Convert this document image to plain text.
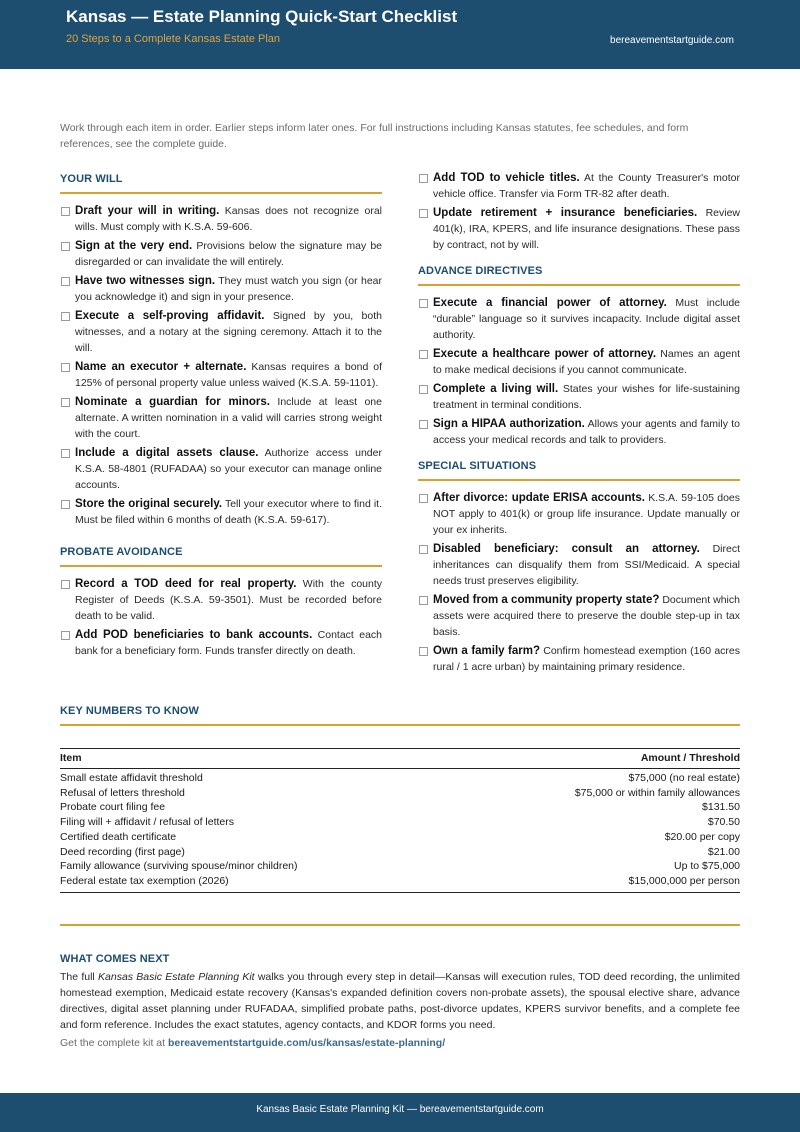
Kansas — Estate Planning Quick-Start Checklist
20 Steps to a Complete Kansas Estate Plan	bereavementstartguide.com
Work through each item in order. Earlier steps inform later ones. For full instructions including Kansas statutes, fee schedules, and form references, see the complete guide.
YOUR WILL
Draft your will in writing. Kansas does not recognize oral wills. Must comply with K.S.A. 59-606.
Sign at the very end. Provisions below the signature may be disregarded or can invalidate the will entirely.
Have two witnesses sign. They must watch you sign (or hear you acknowledge it) and sign in your presence.
Execute a self-proving affidavit. Signed by you, both witnesses, and a notary at the signing ceremony. Attach it to the will.
Name an executor + alternate. Kansas requires a bond of 125% of personal property value unless waived (K.S.A. 59-1101).
Nominate a guardian for minors. Include at least one alternate. A written nomination in a valid will carries strong weight with the court.
Include a digital assets clause. Authorize access under K.S.A. 58-4801 (RUFADAA) so your executor can manage online accounts.
Store the original securely. Tell your executor where to find it. Must be filed within 6 months of death (K.S.A. 59-617).
PROBATE AVOIDANCE
Record a TOD deed for real property. With the county Register of Deeds (K.S.A. 59-3501). Must be recorded before death to be valid.
Add POD beneficiaries to bank accounts. Contact each bank for a beneficiary form. Funds transfer directly on death.
Add TOD to vehicle titles. At the County Treasurer's motor vehicle office. Transfer via Form TR-82 after death.
Update retirement + insurance beneficiaries. Review 401(k), IRA, KPERS, and life insurance designations. These pass by contract, not by will.
ADVANCE DIRECTIVES
Execute a financial power of attorney. Must include “durable” language so it survives incapacity. Include digital asset authority.
Execute a healthcare power of attorney. Names an agent to make medical decisions if you cannot communicate.
Complete a living will. States your wishes for life-sustaining treatment in terminal conditions.
Sign a HIPAA authorization. Allows your agents and family to access your medical records and talk to providers.
SPECIAL SITUATIONS
After divorce: update ERISA accounts. K.S.A. 59-105 does NOT apply to 401(k) or group life insurance. Update manually or your ex inherits.
Disabled beneficiary: consult an attorney. Direct inheritances can disqualify them from SSI/Medicaid. A special needs trust preserves eligibility.
Moved from a community property state? Document which assets were acquired there to preserve the double step-up in tax basis.
Own a family farm? Confirm homestead exemption (160 acres rural / 1 acre urban) by maintaining primary residence.
KEY NUMBERS TO KNOW
Item	Amount / Threshold
Small estate affidavit threshold	$75,000 (no real estate)
Refusal of letters threshold	$75,000 or within family allowances
Probate court filing fee	$131.50
Filing will + affidavit / refusal of letters	$70.50
Certified death certificate	$20.00 per copy
Deed recording (first page)	$21.00
Family allowance (surviving spouse/minor children)	Up to $75,000
Federal estate tax exemption (2026)	$15,000,000 per person
WHAT COMES NEXT
The full Kansas Basic Estate Planning Kit walks you through every step in detail—Kansas will execution rules, TOD deed recording, the unlimited homestead exemption, Medicaid estate recovery (Kansas's expanded definition covers non-probate assets), the spousal elective share, advance directives, digital asset planning under RUFADAA, simplified probate paths, post-divorce updates, KPERS survivor benefits, and a complete fee and form reference. Includes the exact statutes, agency contacts, and KDOR forms you need.
Get the complete kit at bereavementstartguide.com/us/kansas/estate-planning/
Kansas Basic Estate Planning Kit — bereavementstartguide.com
